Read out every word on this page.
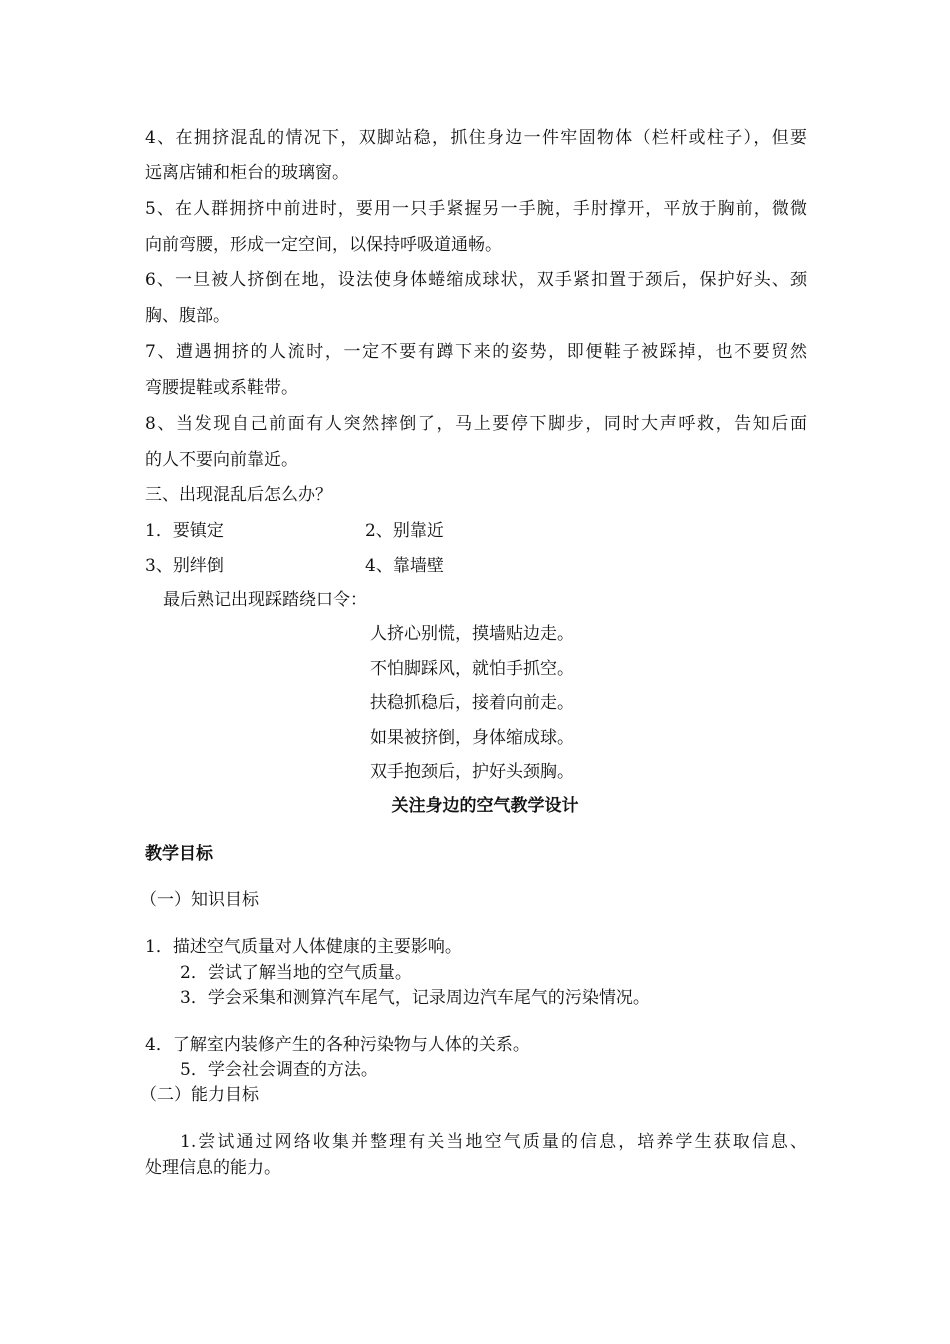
4、在拥挤混乱的情况下，双脚站稳，抓住身边一件牢固物体（栏杆或柱子），但要
远离店铺和柜台的玻璃窗。
5、在人群拥挤中前进时，要用一只手紧握另一手腕，手肘撑开，平放于胸前，微微
向前弯腰，形成一定空间，以保持呼吸道通畅。
6、一旦被人挤倒在地，设法使身体蜷缩成球状，双手紧扣置于颈后，保护好头、颈
胸、腹部。
7、遭遇拥挤的人流时，一定不要有蹲下来的姿势，即便鞋子被踩掉，也不要贸然
弯腰提鞋或系鞋带。
8、当发现自己前面有人突然摔倒了，马上要停下脚步，同时大声呼救，告知后面
的人不要向前靠近。
三、出现混乱后怎么办？
1．要镇定	2、别靠近
3、别绊倒	4、靠墙壁
最后熟记出现踩踏绕口令：
人挤心别慌，摸墙贴边走。
不怕脚踩风，就怕手抓空。
扶稳抓稳后，接着向前走。
如果被挤倒，身体缩成球。
双手抱颈后，护好头颈胸。
关注身边的空气教学设计
教学目标
（一）知识目标
1．描述空气质量对人体健康的主要影响。
2．尝试了解当地的空气质量。
3．学会采集和测算汽车尾气，记录周边汽车尾气的污染情况。
4．了解室内装修产生的各种污染物与人体的关系。
5．学会社会调查的方法。
（二）能力目标
1.尝试通过网络收集并整理有关当地空气质量的信息，培养学生获取信息、
处理信息的能力。
